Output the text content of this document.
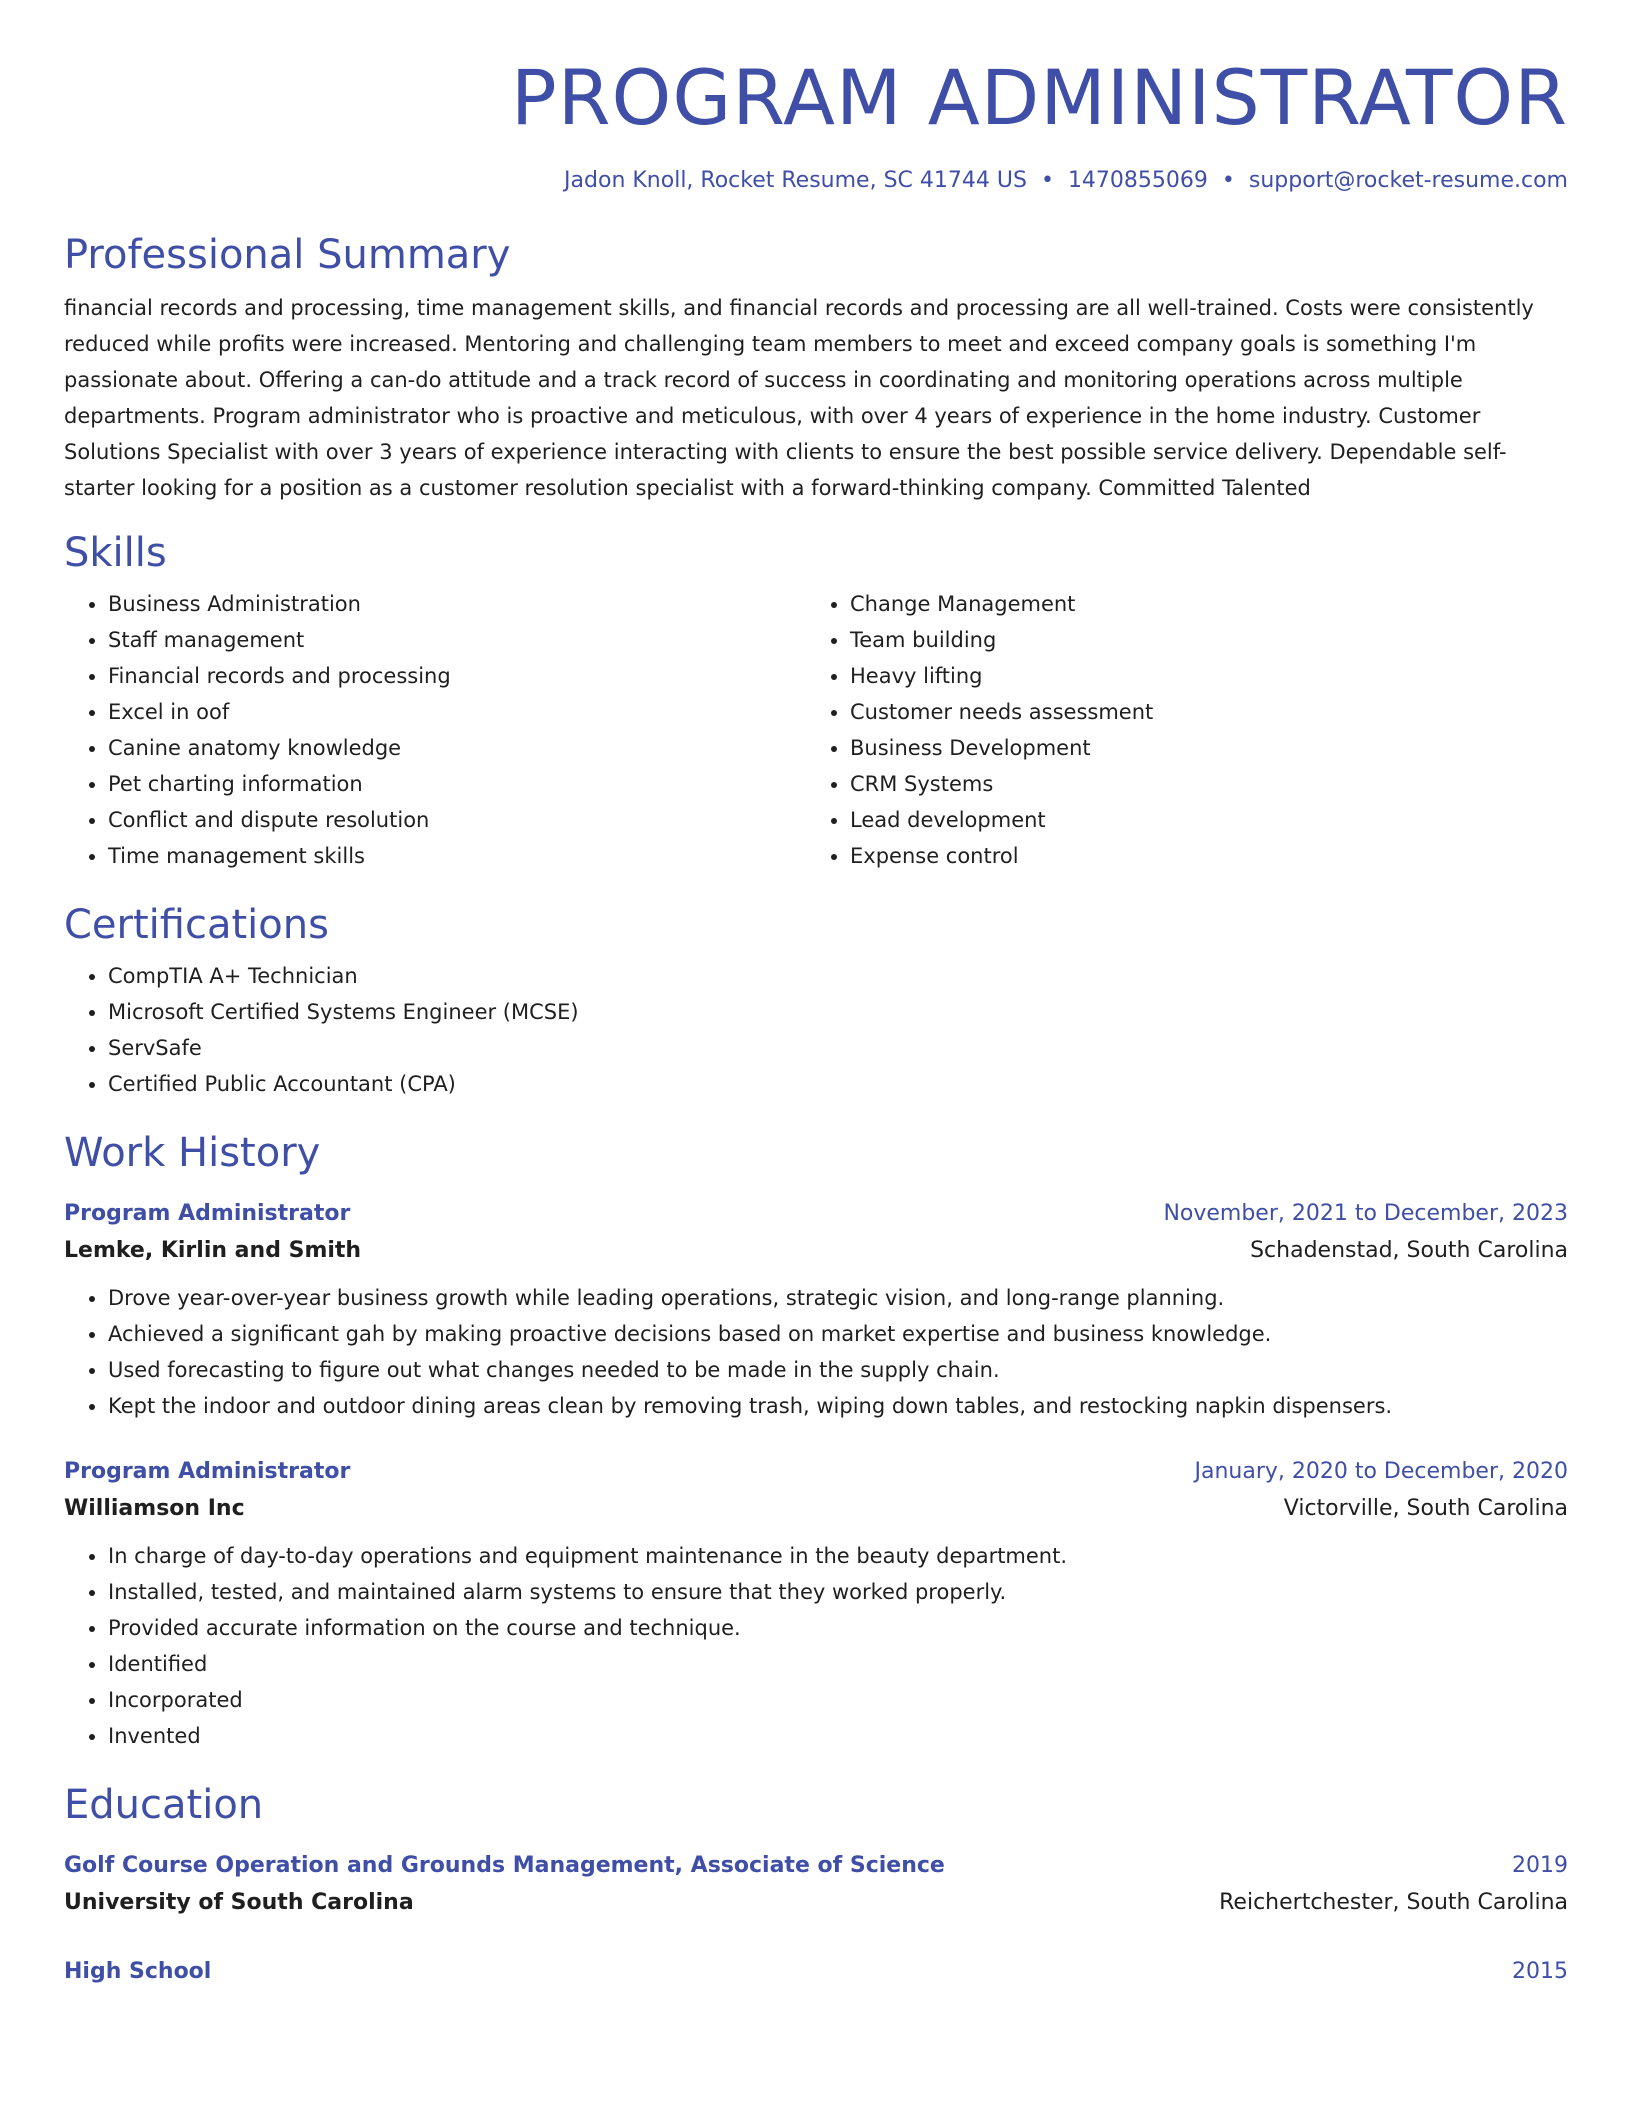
PROGRAM ADMINISTRATOR
Jadon Knoll, Rocket Resume, SC 41744 US • 1470855069 • support@rocket-resume.com
Professional Summary

financial records and processing, time management skills, and financial records and processing are all well-trained. Costs were consistently reduced while profits were increased. Mentoring and challenging team members to meet and exceed company goals is something I'm passionate about. Offering a can-do attitude and a track record of success in coordinating and monitoring operations across multiple departments. Program administrator who is proactive and meticulous, with over 4 years of experience in the home industry. Customer Solutions Specialist with over 3 years of experience interacting with clients to ensure the best possible service delivery. Dependable self-starter looking for a position as a customer resolution specialist with a forward-thinking company. Committed Talented

Skills
• Business Administration
• Staff management
• Financial records and processing
• Excel in oof
• Canine anatomy knowledge
• Pet charting information
• Conflict and dispute resolution
• Time management skills
• Change Management
• Team building
• Heavy lifting
• Customer needs assessment
• Business Development
• CRM Systems
• Lead development
• Expense control
Certifications
• CompTIA A+ Technician
• Microsoft Certified Systems Engineer (MCSE)
• ServSafe
• Certified Public Accountant (CPA)
Work History
Program Administrator	November, 2021 to December, 2023
Lemke, Kirlin and Smith	Schadenstad, South Carolina
• Drove year-over-year business growth while leading operations, strategic vision, and long-range planning.
• Achieved a significant gah by making proactive decisions based on market expertise and business knowledge.
• Used forecasting to figure out what changes needed to be made in the supply chain.
• Kept the indoor and outdoor dining areas clean by removing trash, wiping down tables, and restocking napkin dispensers.
Program Administrator	January, 2020 to December, 2020
Williamson Inc	Victorville, South Carolina
• In charge of day-to-day operations and equipment maintenance in the beauty department.
• Installed, tested, and maintained alarm systems to ensure that they worked properly.
• Provided accurate information on the course and technique.
• Identified
• Incorporated
• Invented
Education
Golf Course Operation and Grounds Management, Associate of Science	2019
University of South Carolina	Reichertchester, South Carolina
High School	2015
